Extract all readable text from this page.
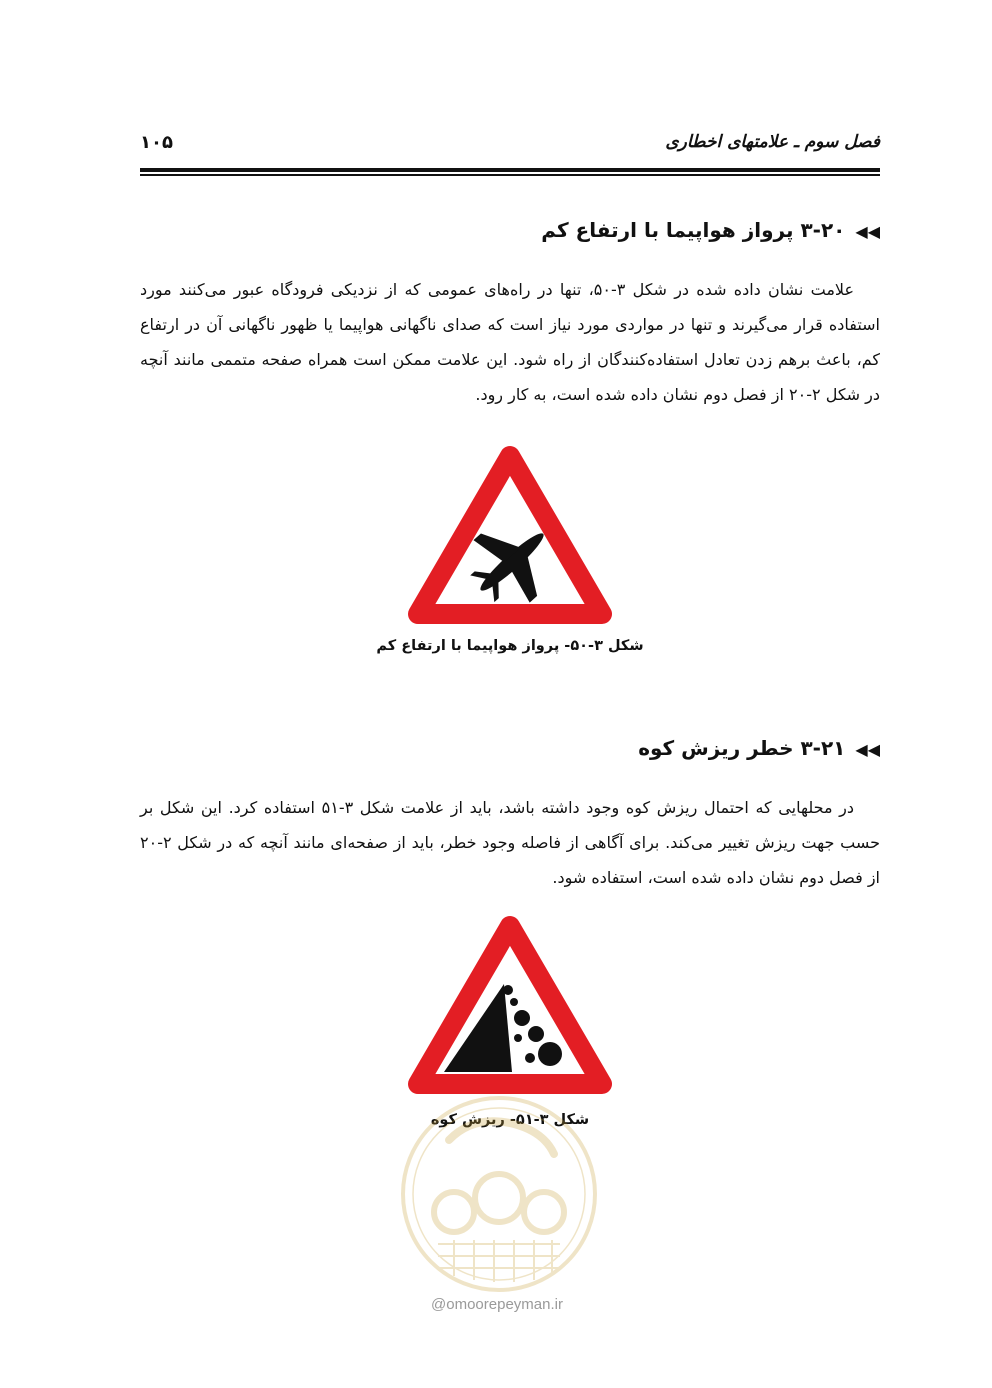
فصل سوم ـ علامتهای اخطاری
۱۰۵
◀◀۳-۲۰ پرواز هواپیما با ارتفاع کم

علامت نشان داده شده در شکل ۳-۵۰، تنها در راه‌های عمومی که از نزدیکی فرودگاه عبور می‌کنند مورد استفاده قرار می‌گیرند و تنها در مواردی مورد نیاز است که صدای ناگهانی هواپیما یا ظهور ناگهانی آن در ارتفاع کم، باعث برهم زدن تعادل استفاده‌کنندگان از راه شود. این علامت ممکن است همراه صفحه متممی مانند آنچه در شکل ۲-۲۰ از فصل دوم نشان داده شده است، به کار رود.

شکل ۳-۵۰- پرواز هواپیما با ارتفاع کم
◀◀۳-۲۱ خطر ریزش کوه

در محلهایی که احتمال ریزش کوه وجود داشته باشد، باید از علامت شکل ۳-۵۱ استفاده کرد. این شکل بر حسب جهت ریزش تغییر می‌کند. برای آگاهی از فاصله وجود خطر، باید از صفحه‌ای مانند آنچه که در شکل ۲-۲۰ از فصل دوم نشان داده شده است، استفاده شود.

شکل ۳-۵۱- ریزش کوه
@omoorepeyman.ir
